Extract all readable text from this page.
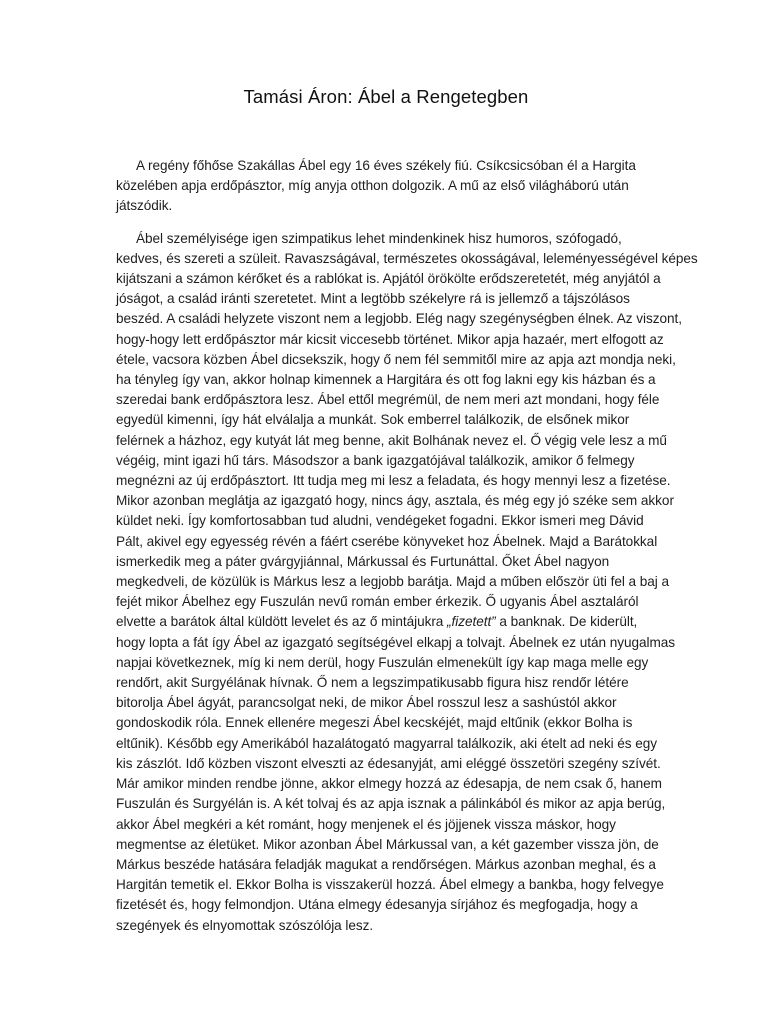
Tamási Áron: Ábel a Rengetegben

A regény főhőse Szakállas Ábel egy 16 éves székely fiú. Csíkcsicsóban él a Hargita
közelében apja erdőpásztor, míg anyja otthon dolgozik. A mű az első világháború után
játszódik.

Ábel személyisége igen szimpatikus lehet mindenkinek hisz humoros, szófogadó,
kedves, és szereti a szüleit. Ravaszságával, természetes okosságával, leleményességével képes
kijátszani a számon kérőket és a rablókat is. Apjától örökölte erődszeretetét, még anyjától a
jóságot, a család iránti szeretetet. Mint a legtöbb székelyre rá is jellemző a tájszólásos
beszéd. A családi helyzete viszont nem a legjobb. Elég nagy szegénységben élnek. Az viszont,
hogy-hogy lett erdőpásztor már kicsit viccesebb történet. Mikor apja hazaér, mert elfogott az
étele, vacsora közben Ábel dicsekszik, hogy ő nem fél semmitől mire az apja azt mondja neki,
ha tényleg így van, akkor holnap kimennek a Hargitára és ott fog lakni egy kis házban és a
szeredai bank erdőpásztora lesz. Ábel ettől megrémül, de nem meri azt mondani, hogy féle
egyedül kimenni, így hát elválalja a munkát. Sok emberrel találkozik, de elsőnek mikor
felérnek a házhoz, egy kutyát lát meg benne, akit Bolhának nevez el. Ő végig vele lesz a mű
végéig, mint igazi hű társ. Másodszor a bank igazgatójával találkozik, amikor ő felmegy
megnézni az új erdőpásztort. Itt tudja meg mi lesz a feladata, és hogy mennyi lesz a fizetése.
Mikor azonban meglátja az igazgató hogy, nincs ágy, asztala, és még egy jó széke sem akkor
küldet neki. Így komfortosabban tud aludni, vendégeket fogadni. Ekkor ismeri meg Dávid
Pált, akivel egy egyesség révén a fáért cserébe könyveket hoz Ábelnek. Majd a Barátokkal
ismerkedik meg a páter gvárgyjiánnal, Márkussal és Furtunáttal. Őket Ábel nagyon
megkedveli, de közülük is Márkus lesz a legjobb barátja. Majd a műben először üti fel a baj a
fejét mikor Ábelhez egy Fuszulán nevű román ember érkezik. Ő ugyanis Ábel asztaláról
elvette a barátok által küldött levelet és az ő mintájukra „fizetett” a banknak. De kiderült,
hogy lopta a fát így Ábel az igazgató segítségével elkapj a tolvajt. Ábelnek ez után nyugalmas
napjai következnek, míg ki nem derül, hogy Fuszulán elmenekült így kap maga melle egy
rendőrt, akit Surgyélának hívnak. Ő nem a legszimpatikusabb figura hisz rendőr létére
bitorolja Ábel ágyát, parancsolgat neki, de mikor Ábel rosszul lesz a sashústól akkor
gondoskodik róla. Ennek ellenére megeszi Ábel kecskéjét, majd eltűnik (ekkor Bolha is
eltűnik). Később egy Amerikából hazalátogató magyarral találkozik, aki ételt ad neki és egy
kis zászlót. Idő közben viszont elveszti az édesanyját, ami eléggé összetöri szegény szívét.
Már amikor minden rendbe jönne, akkor elmegy hozzá az édesapja, de nem csak ő, hanem
Fuszulán és Surgyélán is. A két tolvaj és az apja isznak a pálinkából és mikor az apja berúg,
akkor Ábel megkéri a két románt, hogy menjenek el és jöjjenek vissza máskor, hogy
megmentse az életüket. Mikor azonban Ábel Márkussal van, a két gazember vissza jön, de
Márkus beszéde hatására feladják magukat a rendőrségen. Márkus azonban meghal, és a
Hargitán temetik el. Ekkor Bolha is visszakerül hozzá. Ábel elmegy a bankba, hogy felvegye
fizetését és, hogy felmondjon. Utána elmegy édesanyja sírjához és megfogadja, hogy a
szegények és elnyomottak szószólója lesz.
